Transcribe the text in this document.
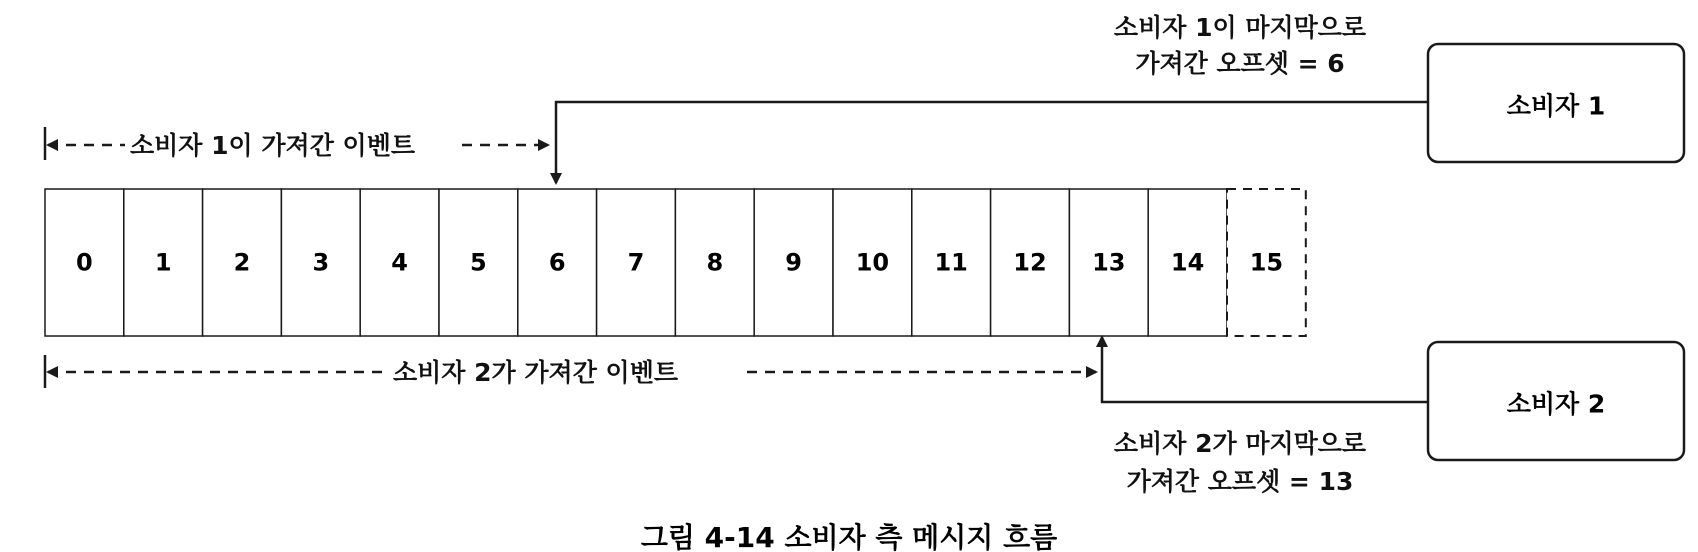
0	1	2	3	4	5	6	7	8	9 10 11 12 13 14 15
소비자 1이 가져간 이벤트
소비자 1이 마지막으로
가져간 오프셋 = 6
소비자 1
소비자 2가 가져간 이벤트
소비자 2가 마지막으로
가져간 오프셋 = 13
소비자 2
그림 4-14 소비자 측 메시지 흐름
